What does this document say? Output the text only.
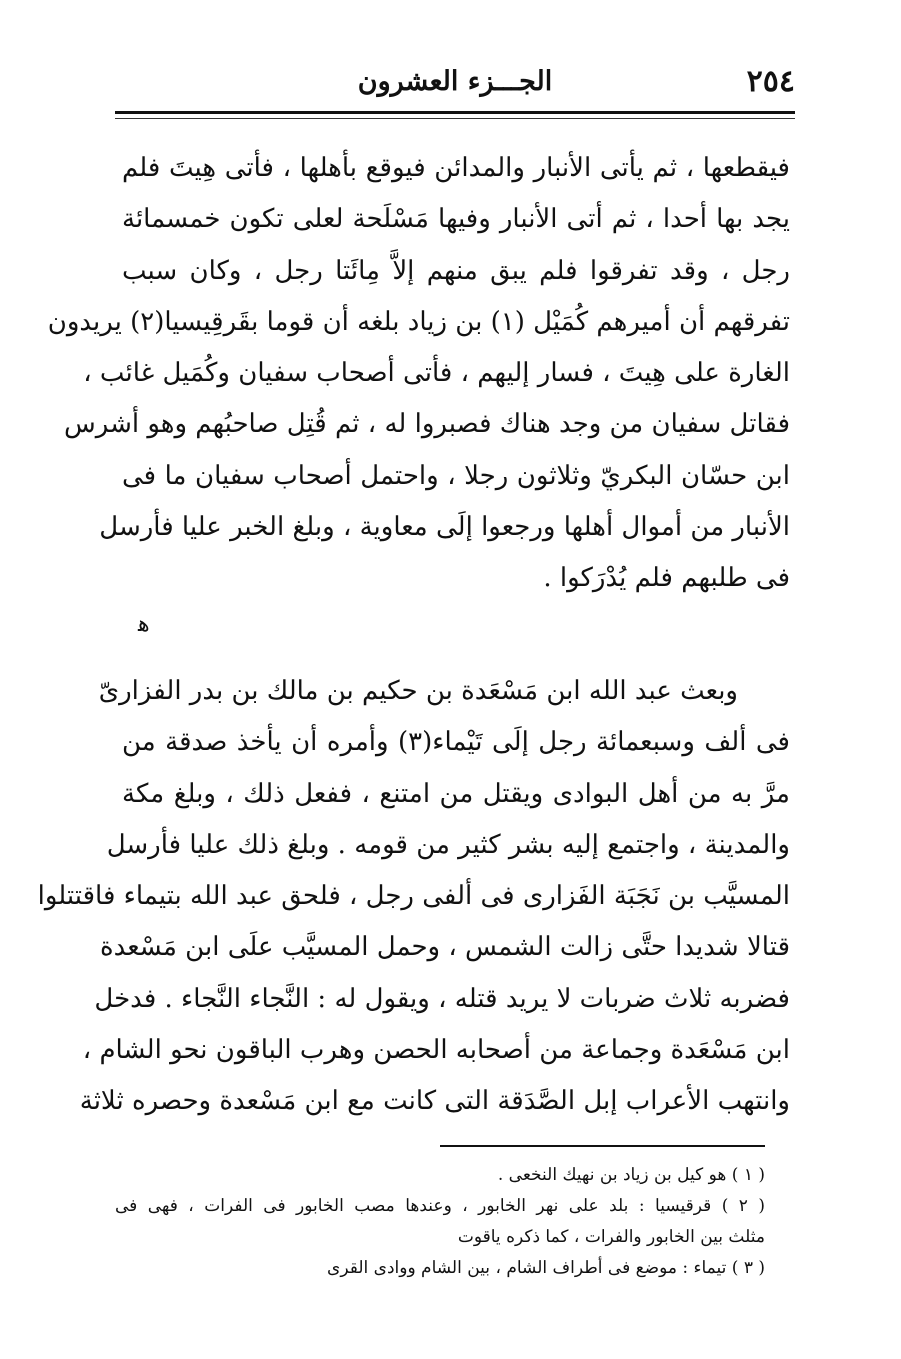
٢٥٤
الجـــزء العشرون
فيقطعها ، ثم يأتى الأنبار والمدائن فيوقع بأهلها ، فأتى هِيتَ فلم
يجد بها أحدا ، ثم أتى الأنبار وفيها مَسْلَحة لعلى تكون خمسمائة
رجل ، وقد تفرقوا فلم يبق منهم إلاَّ مِائَتا رجل ، وكان سبب
تفرقهم أن أميرهم كُمَيْل (١) بن زياد بلغه أن قوما بقَرقِيسيا(٢) يريدون
الغارة على هِيتَ ، فسار إليهم ، فأتى أصحاب سفيان وكُمَيل غائب ،
فقاتل سفيان من وجد هناك فصبروا له ، ثم قُتِل صاحبُهم وهو أشرس
ابن حسّان البكريّ وثلاثون رجلا ، واحتمل أصحاب سفيان ما فى
الأنبار من أموال أهلها ورجعوا إلَى معاوية ، وبلغ الخبر عليا فأرسل
فى طلبهم فلم يُدْرَكوا .
ﻫ
وبعث عبد الله ابن مَسْعَدة بن حكيم بن مالك بن بدر الفزارىّ
فى ألف وسبعمائة رجل إلَى تَيْماء(٣) وأمره أن يأخذ صدقة من
مرَّ به من أهل البوادى ويقتل من امتنع ، ففعل ذلك ، وبلغ مكة
والمدينة ، واجتمع إليه بشر كثير من قومه . وبلغ ذلك عليا فأرسل
المسيَّب بن نَجَبَة الفَزارى فى ألفى رجل ، فلحق عبد الله بتيماء فاقتتلوا
قتالا شديدا حتَّى زالت الشمس ، وحمل المسيَّب علَى ابن مَسْعدة
فضربه ثلاث ضربات لا يريد قتله ، ويقول له : النَّجاء النَّجاء . فدخل
ابن مَسْعَدة وجماعة من أصحابه الحصن وهرب الباقون نحو الشام ،
وانتهب الأعراب إبل الصَّدَقة التى كانت مع ابن مَسْعدة وحصره ثلاثة
( ١ ) هو كيل بن زياد بن نهيك النخعى .
( ٢ ) قرقيسيا : بلد على نهر الخابور ، وعندها مصب الخابور فى الفرات ، فهى فى
مثلث بين الخابور والفرات ، كما ذكره ياقوت
( ٣ ) تيماء : موضع فى أطراف الشام ، بين الشام ووادى القرى
